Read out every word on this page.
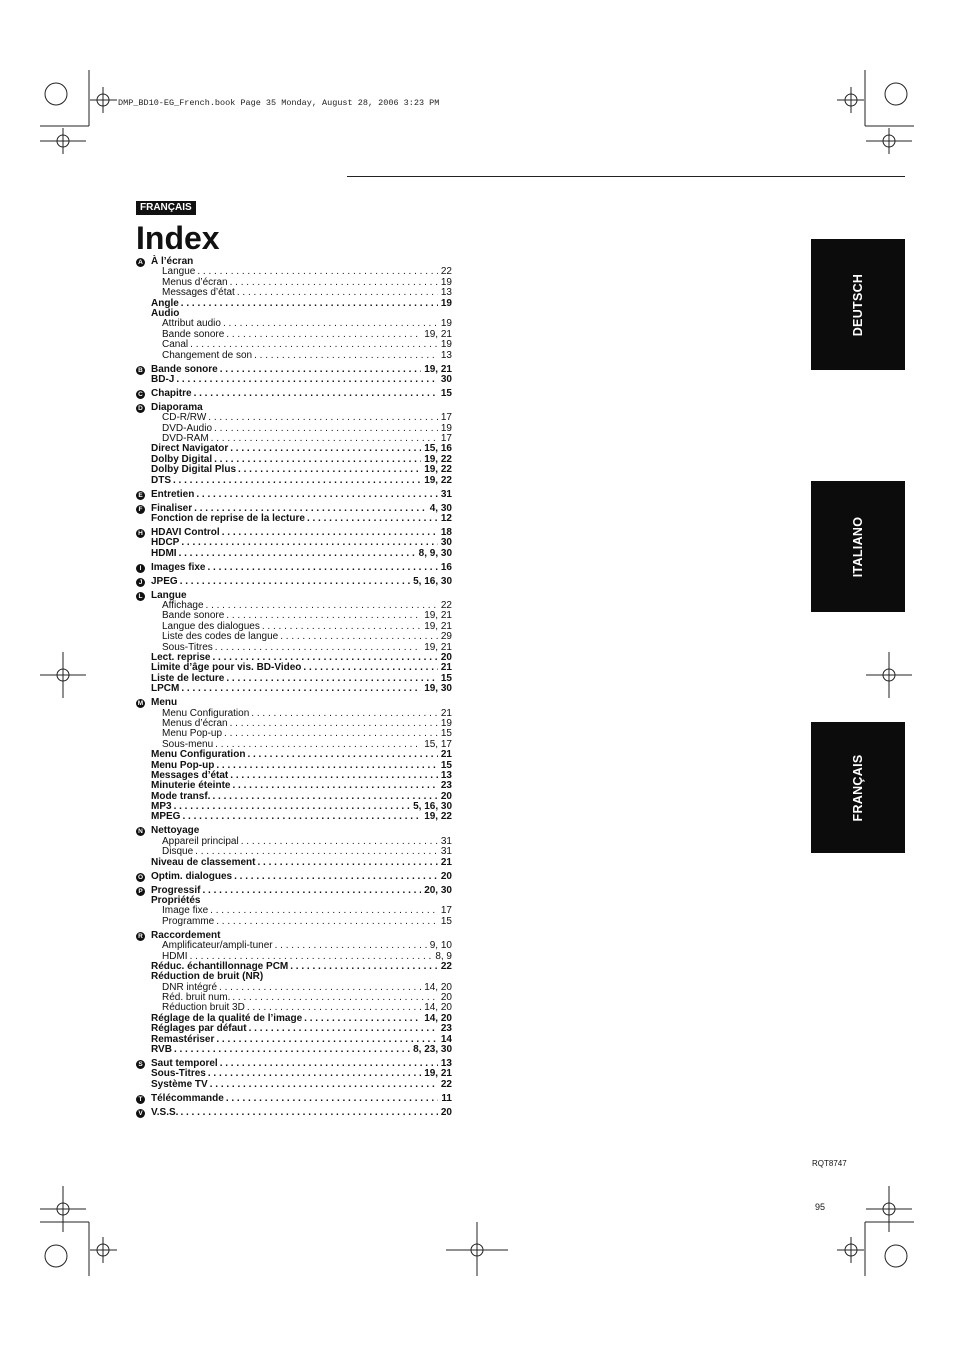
DMP_BD10-EG_French.book Page 35 Monday, August 28, 2006 3:23 PM
FRANÇAIS
Index
A À l’écran
Langue . . .	22
Menus d’écran . . .	19
Messages d’état . . .	13
Angle . . .	19
Audio
Attribut audio . . .	19
Bande sonore . . .	19, 21
Canal . . .	19
Changement de son . . .	13
B Bande sonore . . .	19, 21
BD-J . . .	30
C Chapitre . . .	15
D Diaporama
CD-R/RW . . .	17
DVD-Audio . . .	19
DVD-RAM . . .	17
Direct Navigator . . .	15, 16
Dolby Digital . . .	19, 22
Dolby Digital Plus . . .	19, 22
DTS . . .	19, 22
E Entretien . . .	31
F Finaliser . . .	4, 30
Fonction de reprise de la lecture . . .	12
H HDAVI Control . . .	18
HDCP . . .	30
HDMI . . .	8, 9, 30
I Images fixe . . .	16
J JPEG . . .	5, 16, 30
L Langue
Affichage . . .	22
Bande sonore . . .	19, 21
Langue des dialogues . . .	19, 21
Liste des codes de langue . . .	29
Sous-Titres . . .	19, 21
Lect. reprise . . .	20
Limite d’âge pour vis. BD-Video . . .	21
Liste de lecture . . .	15
LPCM . . .	19, 30
M Menu
Menu Configuration . . .	21
Menus d’écran . . .	19
Menu Pop-up . . .	15
Sous-menu . . .	15, 17
Menu Configuration . . .	21
Menu Pop-up . . .	15
Messages d’état . . .	13
Minuterie éteinte . . .	23
Mode transf. . . .	20
MP3 . . .	5, 16, 30
MPEG . . .	19, 22
N Nettoyage
Appareil principal . . .	31
Disque . . .	31
Niveau de classement . . .	21
O Optim. dialogues . . .	20
P Progressif . . .	20, 30
Propriétés
Image fixe . . .	17
Programme . . .	15
R Raccordement
Amplificateur/ampli-tuner . . .	9, 10
HDMI . . .	8, 9
Réduc. échantillonnage PCM . . .	22
Réduction de bruit (NR)
DNR intégré . . .	14, 20
Réd. bruit num. . . .	20
Réduction bruit 3D . . .	14, 20
Réglage de la qualité de l’image . . .	14, 20
Réglages par défaut . . .	23
Remastériser . . .	14
RVB . . .	8, 23, 30
S Saut temporel . . .	13
Sous-Titres . . .	19, 21
Système TV . . .	22
T Télécommande . . .	11
V V.S.S. . . .	20
DEUTSCH
ITALIANO
FRANÇAIS
RQT8747
95
